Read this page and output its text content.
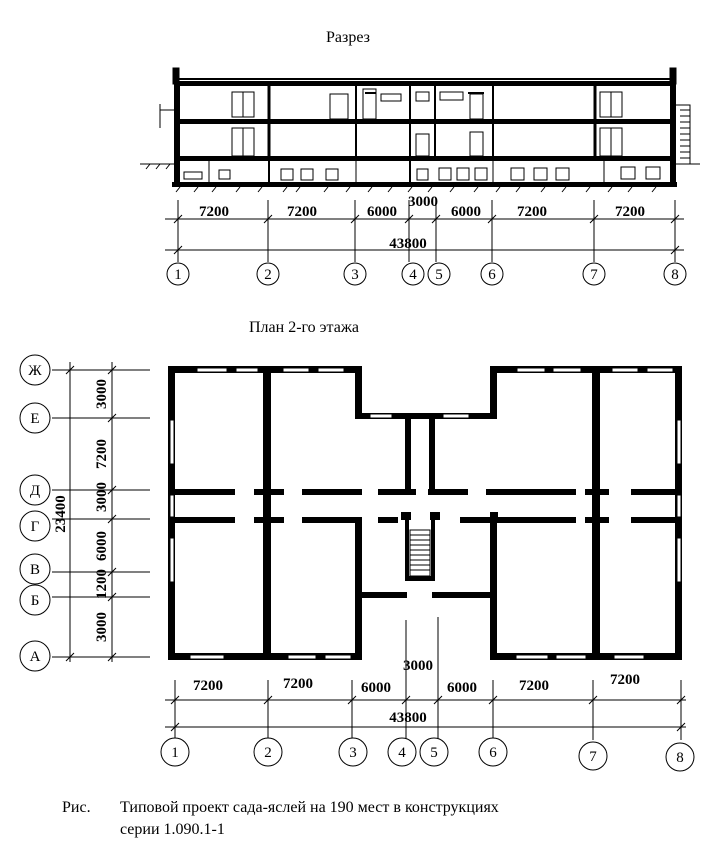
Разрез
7200	7200	6000
3000
6000 7200	7200
43800
1	2	3	4 5	6	7	8
План 2-го этажа
3000
7200
3000
6000
1200
3000
23400
Ж
Е
Д
Г
В
Б
А
7200	7200	6000
3000
6000	7200	7200
43800
1	2	3	4 5	6	7	8
Рис. Типовой проект сада-яслей на 190 мест в конструкциях
серии 1.090.1-1
